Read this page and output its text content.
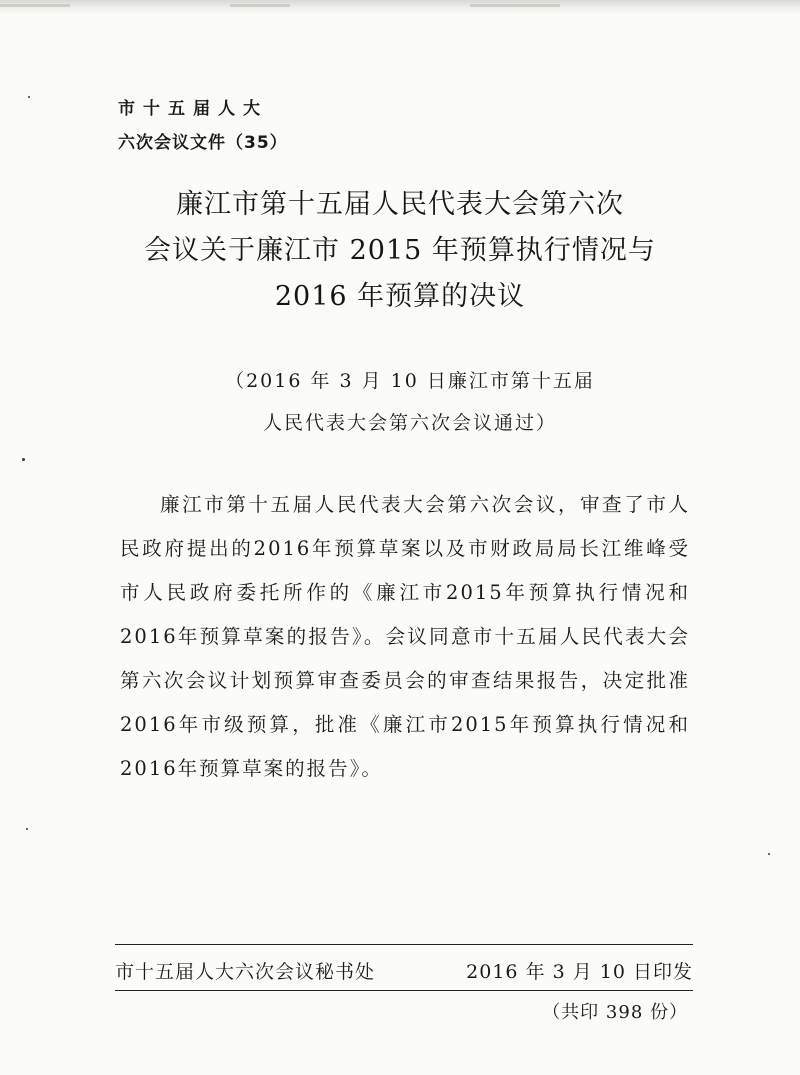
市十五届人大
六次会议文件（35）
廉江市第十五届人民代表大会第六次
会议关于廉江市 2015 年预算执行情况与
2016 年预算的决议
（2016 年 3 月 10 日廉江市第十五届
人民代表大会第六次会议通过）

廉江市第十五届人民代表大会第六次会议，审查了市人民政府提出的2016年预算草案以及市财政局局长江维峰受市人民政府委托所作的《廉江市2015年预算执行情况和2016年预算草案的报告》。会议同意市十五届人民代表大会第六次会议计划预算审查委员会的审查结果报告，决定批准2016年市级预算，批准《廉江市2015年预算执行情况和2016年预算草案的报告》。

市十五届人大六次会议秘书处	2016 年 3 月 10 日印发
（共印 398 份）
